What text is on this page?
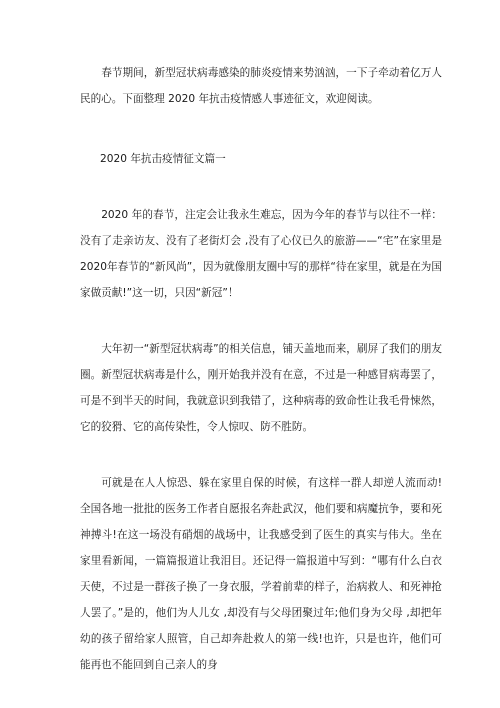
春节期间，新型冠状病毒感染的肺炎疫情来势汹汹，一下子牵动着亿万人民的心。下面整理 2020 年抗击疫情感人事迹征文，欢迎阅读。

2020 年抗击疫情征文篇一

2020 年的春节，注定会让我永生难忘，因为今年的春节与以往不一样：没有了走亲访友、没有了老街灯会 ,没有了心仪已久的旅游——“宅”在家里是 2020年春节的“新风尚”，因为就像朋友圈中写的那样“待在家里，就是在为国家做贡献!”这一切，只因“新冠”！

大年初一“新型冠状病毒”的相关信息，铺天盖地而来，刷屏了我们的朋友圈。新型冠状病毒是什么，刚开始我并没有在意，不过是一种感冒病毒罢了，可是不到半天的时间，我就意识到我错了，这种病毒的致命性让我毛骨悚然，它的狡猾、它的高传染性，令人惊叹、防不胜防。

可就是在人人惊恐、躲在家里自保的时候，有这样一群人却逆人流而动!全国各地一批批的医务工作者自愿报名奔赴武汉，他们要和病魔抗争，要和死神搏斗!在这一场没有硝烟的战场中，让我感受到了医生的真实与伟大。坐在家里看新闻，一篇篇报道让我泪目。还记得一篇报道中写到：“哪有什么白衣天使，不过是一群孩子换了一身衣服，学着前辈的样子，治病救人、和死神抢人罢了。”是的，他们为人儿女 ,却没有与父母团聚过年;他们身为父母 ,却把年幼的孩子留给家人照管，自己却奔赴救人的第一线!也许，只是也许，他们可能再也不能回到自己亲人的身
